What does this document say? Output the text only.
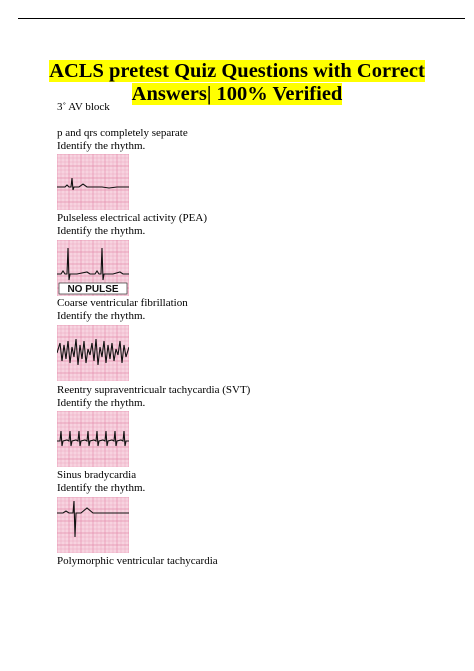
ACLS pretest Quiz Questions with Correct
Answers| 100% Verified
3˚ AV block
p and qrs completely separate
Identify the rhythm.
Pulseless electrical activity (PEA)
Identify the rhythm.
NO PULSE
Coarse ventricular fibrillation
Identify the rhythm.
Reentry supraventricualr tachycardia (SVT)
Identify the rhythm.
Sinus bradycardia
Identify the rhythm.
Polymorphic ventricular tachycardia
